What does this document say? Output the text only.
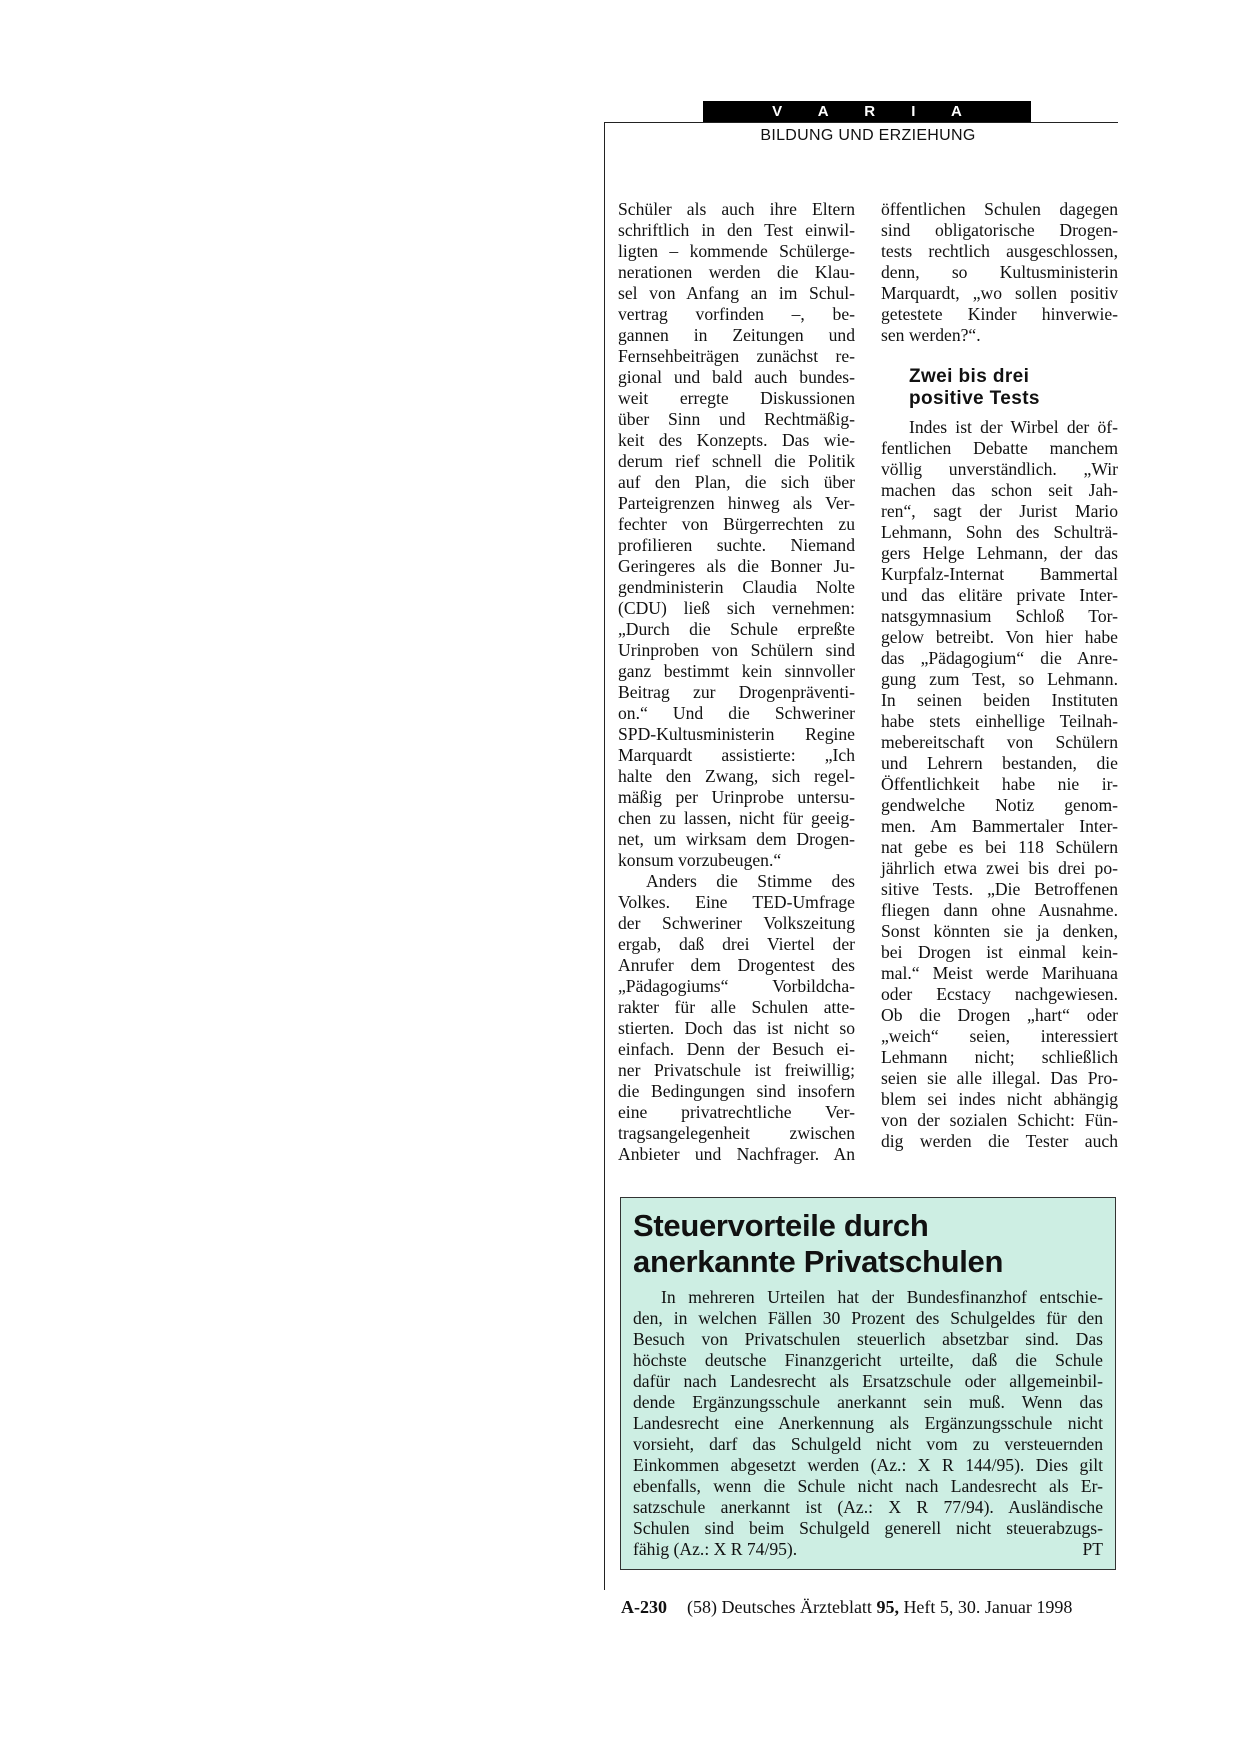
V A R I A
BILDUNG UND ERZIEHUNG
Schüler als auch ihre Eltern
schriftlich in den Test einwil-
ligten – kommende Schülerge-
nerationen werden die Klau-
sel von Anfang an im Schul-
vertrag vorfinden –, be-
gannen in Zeitungen und
Fernsehbeiträgen zunächst re-
gional und bald auch bundes-
weit erregte Diskussionen
über Sinn und Rechtmäßig-
keit des Konzepts. Das wie-
derum rief schnell die Politik
auf den Plan, die sich über
Parteigrenzen hinweg als Ver-
fechter von Bürgerrechten zu
profilieren suchte. Niemand
Geringeres als die Bonner Ju-
gendministerin Claudia Nolte
(CDU) ließ sich vernehmen:
„Durch die Schule erpreßte
Urinproben von Schülern sind
ganz bestimmt kein sinnvoller
Beitrag zur Drogenpräventi-
on.“ Und die Schweriner
SPD-Kultusministerin Regine
Marquardt assistierte: „Ich
halte den Zwang, sich regel-
mäßig per Urinprobe untersu-
chen zu lassen, nicht für geeig-
net, um wirksam dem Drogen-
konsum vorzubeugen.“
Anders die Stimme des
Volkes. Eine TED-Umfrage
der Schweriner Volkszeitung
ergab, daß drei Viertel der
Anrufer dem Drogentest des
„Pädagogiums“ Vorbildcha-
rakter für alle Schulen atte-
stierten. Doch das ist nicht so
einfach. Denn der Besuch ei-
ner Privatschule ist freiwillig;
die Bedingungen sind insofern
eine privatrechtliche Ver-
tragsangelegenheit zwischen
Anbieter und Nachfrager. An
öffentlichen Schulen dagegen
sind obligatorische Drogen-
tests rechtlich ausgeschlossen,
denn, so Kultusministerin
Marquardt, „wo sollen positiv
getestete Kinder hinverwie-
sen werden?“.
Zwei bis drei
positive Tests
Indes ist der Wirbel der öf-
fentlichen Debatte manchem
völlig unverständlich. „Wir
machen das schon seit Jah-
ren“, sagt der Jurist Mario
Lehmann, Sohn des Schulträ-
gers Helge Lehmann, der das
Kurpfalz-Internat Bammertal
und das elitäre private Inter-
natsgymnasium Schloß Tor-
gelow betreibt. Von hier habe
das „Pädagogium“ die Anre-
gung zum Test, so Lehmann.
In seinen beiden Instituten
habe stets einhellige Teilnah-
mebereitschaft von Schülern
und Lehrern bestanden, die
Öffentlichkeit habe nie ir-
gendwelche Notiz genom-
men. Am Bammertaler Inter-
nat gebe es bei 118 Schülern
jährlich etwa zwei bis drei po-
sitive Tests. „Die Betroffenen
fliegen dann ohne Ausnahme.
Sonst könnten sie ja denken,
bei Drogen ist einmal kein-
mal.“ Meist werde Marihuana
oder Ecstacy nachgewiesen.
Ob die Drogen „hart“ oder
„weich“ seien, interessiert
Lehmann nicht; schließlich
seien sie alle illegal. Das Pro-
blem sei indes nicht abhängig
von der sozialen Schicht: Fün-
dig werden die Tester auch
Steuervorteile durch
anerkannte Privatschulen
In mehreren Urteilen hat der Bundesfinanzhof entschie-
den, in welchen Fällen 30 Prozent des Schulgeldes für den
Besuch von Privatschulen steuerlich absetzbar sind. Das
höchste deutsche Finanzgericht urteilte, daß die Schule
dafür nach Landesrecht als Ersatzschule oder allgemeinbil-
dende Ergänzungsschule anerkannt sein muß. Wenn das
Landesrecht eine Anerkennung als Ergänzungsschule nicht
vorsieht, darf das Schulgeld nicht vom zu versteuernden
Einkommen abgesetzt werden (Az.: X R 144/95). Dies gilt
ebenfalls, wenn die Schule nicht nach Landesrecht als Er-
satzschule anerkannt ist (Az.: X R 77/94). Ausländische
Schulen sind beim Schulgeld generell nicht steuerabzugs-
fähig (Az.: X R 74/95).	PT
A-230 (58) Deutsches Ärzteblatt 95, Heft 5, 30. Januar 1998
